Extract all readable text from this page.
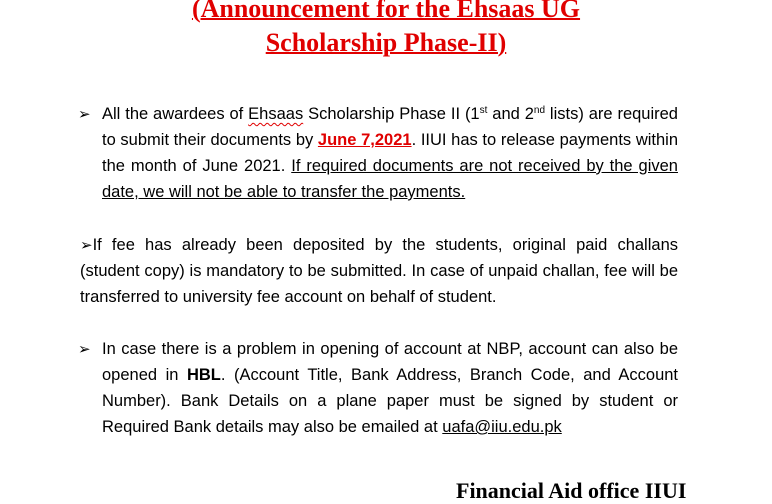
(Announcement for the Ehsaas UG
Scholarship Phase-II)
➢ All the awardees of Ehsaas Scholarship Phase II (1st and 2nd lists) are required to submit their documents by June 7,2021. IIUI has to release payments within the month of June 2021. If required documents are not received by the given date, we will not be able to transfer the payments.
➢If fee has already been deposited by the students, original paid challans (student copy) is mandatory to be submitted. In case of unpaid challan, fee will be transferred to university fee account on behalf of student.
➢ In case there is a problem in opening of account at NBP, account can also be opened in HBL. (Account Title, Bank Address, Branch Code, and Account Number). Bank Details on a plane paper must be signed by student or Required Bank details may also be emailed at uafa@iiu.edu.pk
Financial Aid office IIUI
